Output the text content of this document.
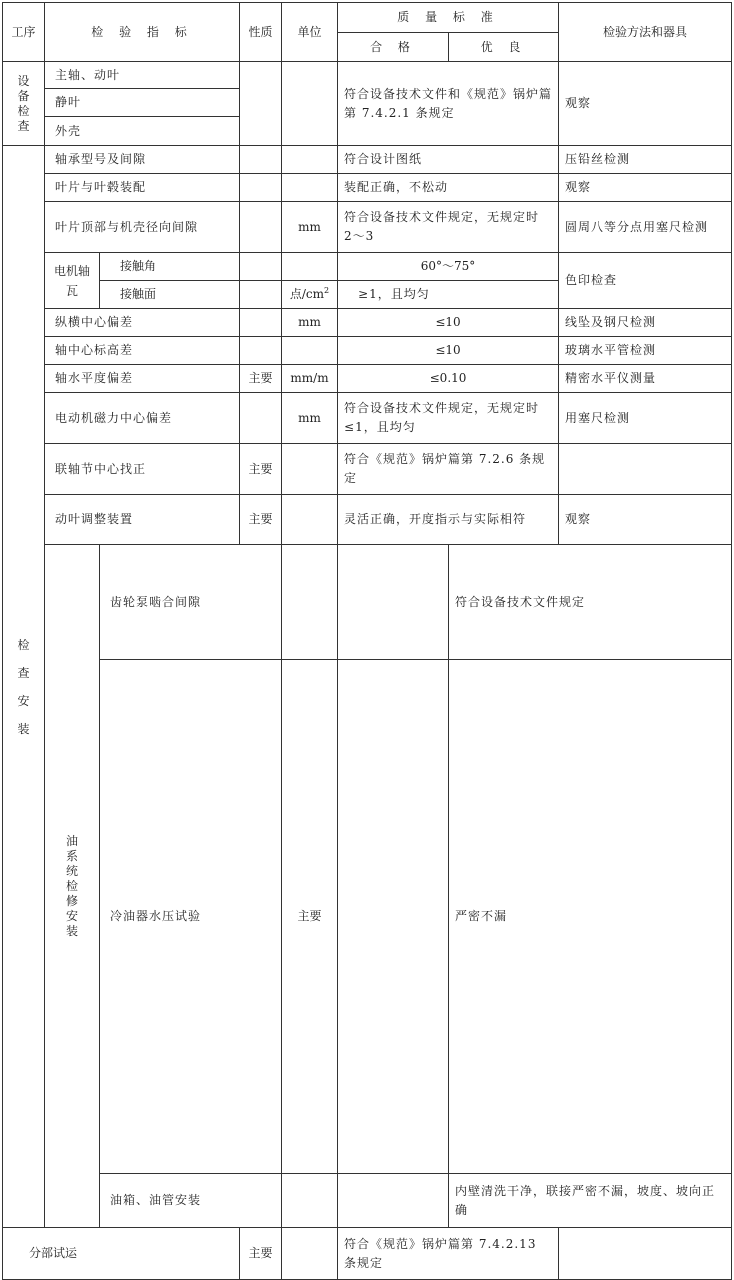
工序	检 验 指 标		性质	单位	质 量 标 准		检验方法和器具	
					合 格	优 良		

设备检查	主轴、动叶				符合设备技术文件和《规范》锅炉篇第 7.4.2.1 条规定		观察	
	静叶							
	外壳							

检查安装	轴承型号及间隙				符合设计图纸		压铅丝检测	
	叶片与叶毂装配				装配正确，不松动		观察	
	叶片顶部与机壳径向间隙			mm	符合设备技术文件规定，无规定时 2～3		圆周八等分点用塞尺检测	
	电机轴瓦	接触角			60°～75°		色印检查	
		接触面		点$/cm^2$	≥1，且均匀			
	纵横中心偏差			mm	≤10		线坠及钢尺检测	
	轴中心标高差				≤10		玻璃水平管检测	
	轴水平度偏差		主要	mm/m	≤0.10		精密水平仪测量	
	电动机磁力中心偏差			mm	符合设备技术文件规定，无规定时≤1，且均匀		用塞尺检测	
	联轴节中心找正		主要		符合《规范》锅炉篇第 7.2.6 条规定			
	动叶调整装置		主要		灵活正确，开度指示与实际相符		观察	

	油系统检修安装	齿轮泵啮合间隙				符合设备技术文件规定	
		冷油器水压试验		主要		严密不漏	
		油箱、油管安装				内壁清洗干净，联接严密不漏，坡度、坡向正确	
分部试运			主要		符合《规范》锅炉篇第 7.4.2.13 条规定			
